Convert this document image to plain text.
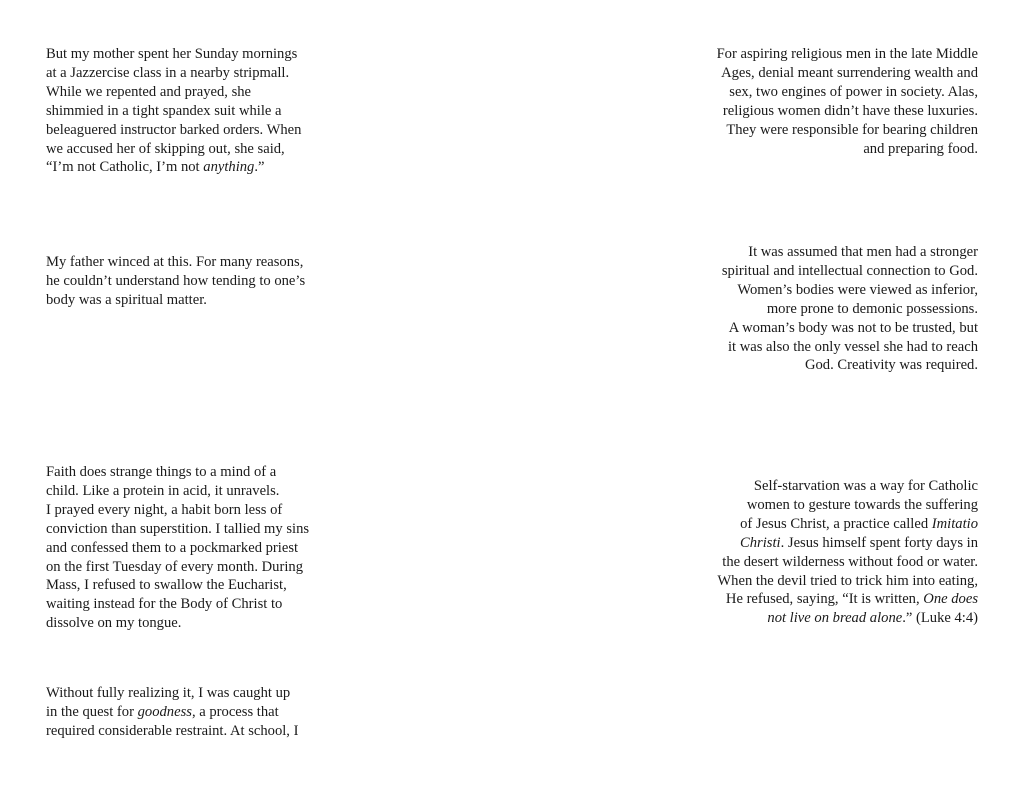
But my mother spent her Sunday mornings
at a Jazzercise class in a nearby stripmall.
While we repented and prayed, she
shimmied in a tight spandex suit while a
beleaguered instructor barked orders. When
we accused her of skipping out, she said,
“I’m not Catholic, I’m not anything.”

My father winced at this. For many reasons,
he couldn’t understand how tending to one’s
body was a spiritual matter.

Faith does strange things to a mind of a
child. Like a protein in acid, it unravels.
I prayed every night, a habit born less of
conviction than superstition. I tallied my sins
and confessed them to a pockmarked priest
on the first Tuesday of every month. During
Mass, I refused to swallow the Eucharist,
waiting instead for the Body of Christ to
dissolve on my tongue.

Without fully realizing it, I was caught up
in the quest for goodness, a process that
required considerable restraint. At school, I

For aspiring religious men in the late Middle
Ages, denial meant surrendering wealth and
sex, two engines of power in society. Alas,
religious women didn’t have these luxuries.
They were responsible for bearing children
and preparing food.

It was assumed that men had a stronger
spiritual and intellectual connection to God.
Women’s bodies were viewed as inferior,
more prone to demonic possessions.
A woman’s body was not to be trusted, but
it was also the only vessel she had to reach
God. Creativity was required.

Self-starvation was a way for Catholic
women to gesture towards the suffering
of Jesus Christ, a practice called Imitatio
Christi. Jesus himself spent forty days in
the desert wilderness without food or water.
When the devil tried to trick him into eating,
He refused, saying, “It is written, One does
not live on bread alone.” (Luke 4:4)
